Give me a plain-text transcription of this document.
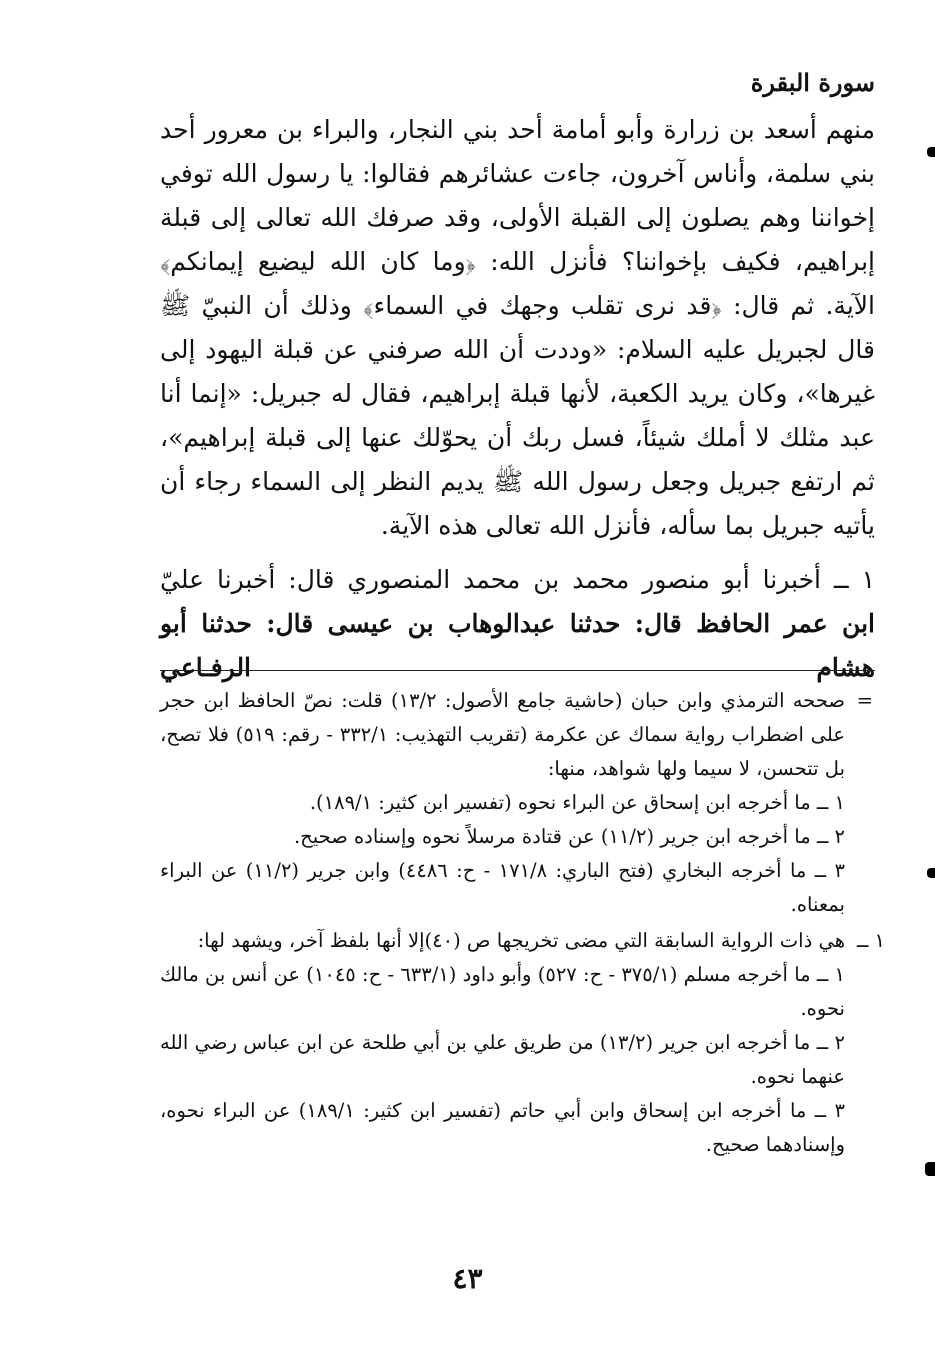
سورة البقرة

منهم أسعد بن زرارة وأبو أمامة أحد بني النجار، والبراء بن معرور أحد بني سلمة، وأناس آخرون، جاءت عشائرهم فقالوا: يا رسول الله توفي إخواننا وهم يصلون إلى القبلة الأولى، وقد صرفك الله تعالى إلى قبلة إبراهيم، فكيف بإخواننا؟ فأنزل الله: ﴿وما كان الله ليضيع إيمانكم﴾ الآية. ثم قال: ﴿قد نرى تقلب وجهك في السماء﴾ وذلك أن النبيّ ﷺ قال لجبريل عليه السلام: «وددت أن الله صرفني عن قبلة اليهود إلى غيرها»، وكان يريد الكعبة، لأنها قبلة إبراهيم، فقال له جبريل: «إنما أنا عبد مثلك لا أملك شيئاً، فسل ربك أن يحوّلك عنها إلى قبلة إبراهيم»، ثم ارتفع جبريل وجعل رسول الله ﷺ يديم النظر إلى السماء رجاء أن يأتيه جبريل بما سأله، فأنزل الله تعالى هذه الآية.

١ ــ أخبرنا أبو منصور محمد بن محمد المنصوري قال: أخبرنا عليّ
ابن عمر الحافظ قال: حدثنا عبدالوهاب بن عيسى قال: حدثنا أبو هشام الرفـاعي
=

صححه الترمذي وابن حبان (حاشية جامع الأصول: ١٣/٢) قلت: نصّ الحافظ ابن حجر على اضطراب رواية سماك عن عكرمة (تقريب التهذيب: ٣٣٢/١ - رقم: ٥١٩) فلا تصح، بل تتحسن، لا سيما ولها شواهد، منها:

١ ــ ما أخرجه ابن إسحاق عن البراء نحوه (تفسير ابن كثير: ١٨٩/١).

٢ ــ ما أخرجه ابن جرير (١١/٢) عن قتادة مرسلاً نحوه وإسناده صحيح.

٣ ــ ما أخرجه البخاري (فتح الباري: ١٧١/٨ - ح: ٤٤٨٦) وابن جرير (١١/٢) عن البراء بمعناه.

١ ــ

هي ذات الرواية السابقة التي مضى تخريجها ص (٤٠)إلا أنها بلفظ آخر، ويشهد لها:

١ ــ ما أخرجه مسلم (٣٧٥/١ - ح: ٥٢٧) وأبو داود (٦٣٣/١ - ح: ١٠٤٥) عن أنس بن مالك نحوه.

٢ ــ ما أخرجه ابن جرير (١٣/٢) من طريق علي بن أبي طلحة عن ابن عباس رضي الله عنهما نحوه.

٣ ــ ما أخرجه ابن إسحاق وابن أبي حاتم (تفسير ابن كثير: ١٨٩/١) عن البراء نحوه، وإسنادهما صحيح.

٤٣
